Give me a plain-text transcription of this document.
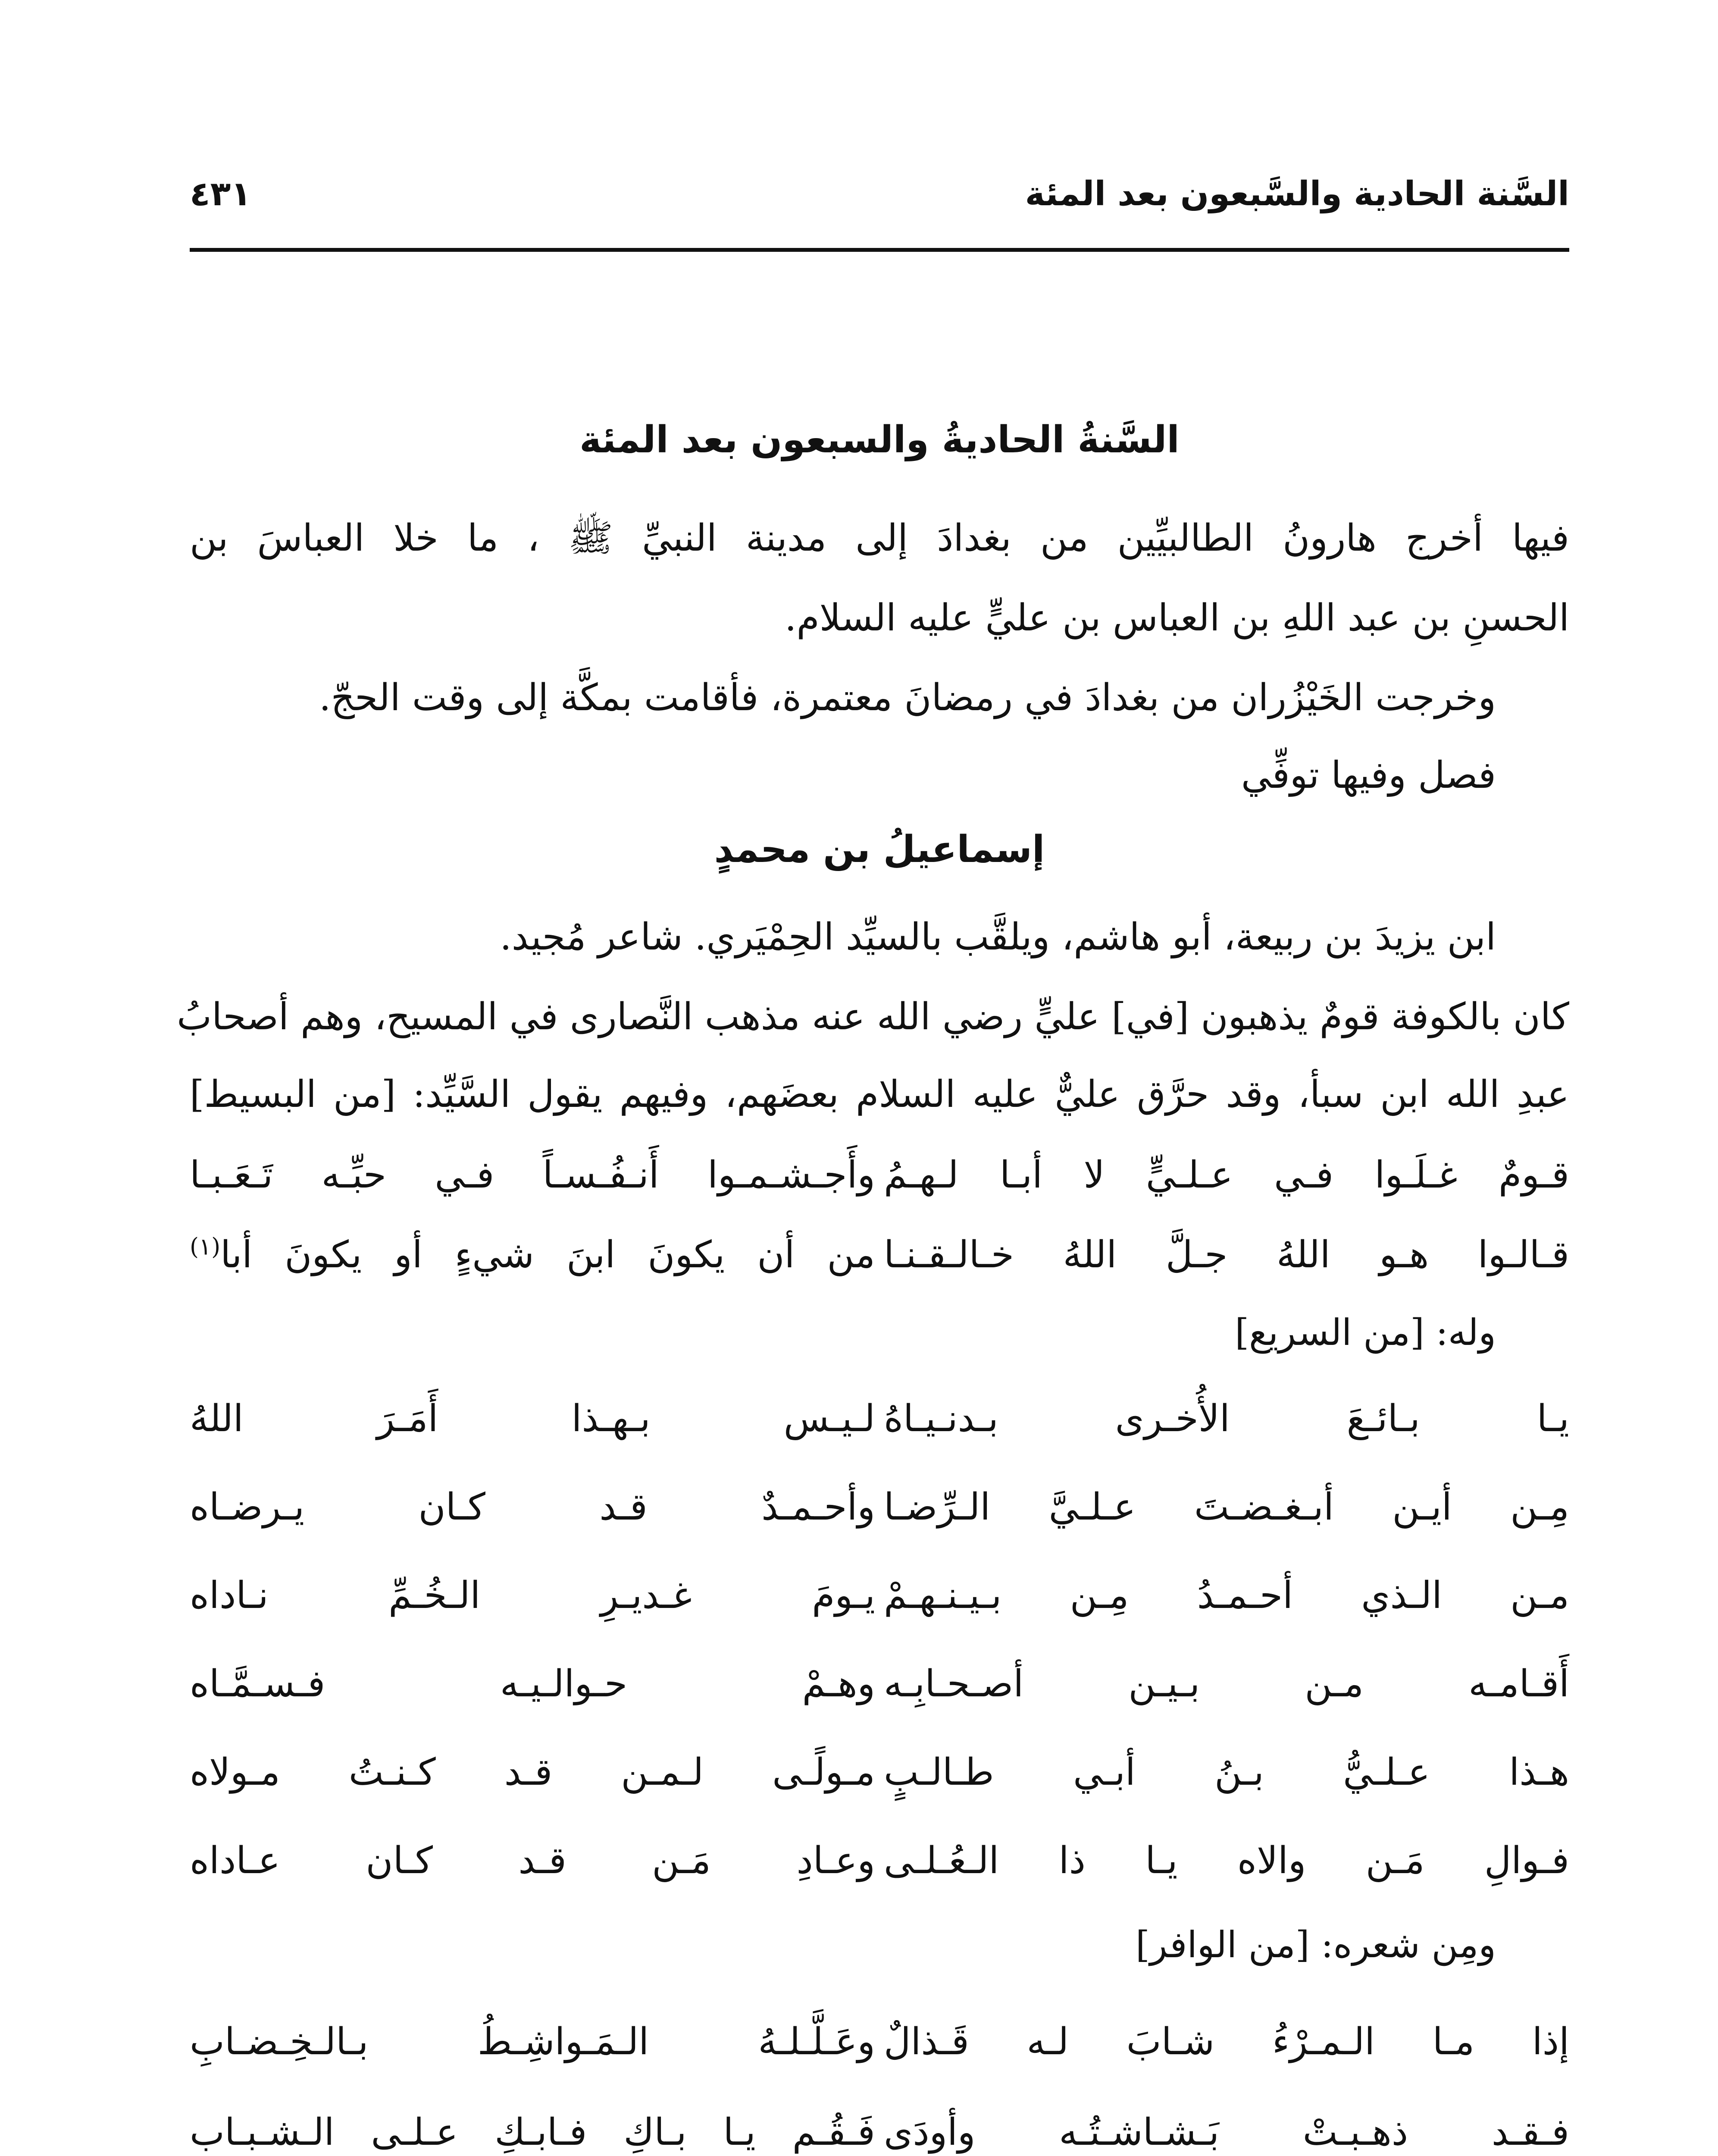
السَّنة الحادية والسَّبعون بعد المئة
٤٣١
السَّنةُ الحاديةُ والسبعون بعد المئة
فيها أخرج هارونُ الطالبيِّين من بغدادَ إلى مدينة النبيِّ ﷺ ، ما خلا العباسَ بن
الحسنِ بن عبد اللهِ بن العباس بن عليٍّ عليه السلام.
وخرجت الخَيْزُران من بغدادَ في رمضانَ معتمرة، فأقامت بمكَّة إلى وقت الحجّ.
فصل وفيها توفِّي
إسماعيلُ بن محمدٍ
ابن يزيدَ بن ربيعة، أبو هاشم، ويلقَّب بالسيِّد الحِمْيَري. شاعر مُجيد.
كان بالكوفة قومٌ يذهبون [في] عليٍّ رضي الله عنه مذهب النَّصارى في المسيح، وهم أصحابُ
عبدِ الله ابن سبأ، وقد حرَّق عليٌّ عليه السلام بعضَهم، وفيهم يقول السَّيِّد: [من البسيط]
قـومٌ غـلَـوا فـي عـلـيٍّ لا أبـا لـهـمُ
وأَجـشـمـوا أَنـفُـسـاً فـي حبِّـه تَـعَـبـا
قـالـوا هـو اللهُ جـلَّ اللهُ خـالـقـنـا
من أن يكونَ ابنَ شيءٍ أو يكونَ أبا$^{(١)}$
وله: [من السريع]
يـا بـائـعَ الأُخـرى بـدنـيـاهُ
لـيـس بـهـذا أَمَـرَ اللهُ
مِـن أيـن أبـغـضـتَ عـلـيَّ الـرِّضـا
وأحـمـدٌ قـد كـان يـرضـاه
مـن الـذي أحـمـدُ مِـن بـيـنـهـمْ
يـومَ غـديـرِ الـخُـمِّ نـاداه
أَقـامـه مـن بـيـن أصـحـابِـه
وهـمْ حـوالـيـه فـسـمَّـاه
هـذا عـلـيُّ بـنُ أبـي طـالـبٍ
مـولًـى لـمـن قـد كـنـتُ مـولاه
فـوالِ مَـن والاه يـا ذا الـعُـلـى
وعـادِ مَـن قـد كـان عـاداه
ومِن شعره: [من الوافر]
إذا مـا الـمـرْءُ شـابَ لـه قَـذالٌ
وعَـلَّـلـهُ الـمَـواشِـطُ بـالـخِـضـابِ
فـقـد ذهـبـتْ بَـشـاشـتُـه وأودَى
فَـقُـم يـا بـاكِ فـابـكِ عـلـى الـشـبـاب
